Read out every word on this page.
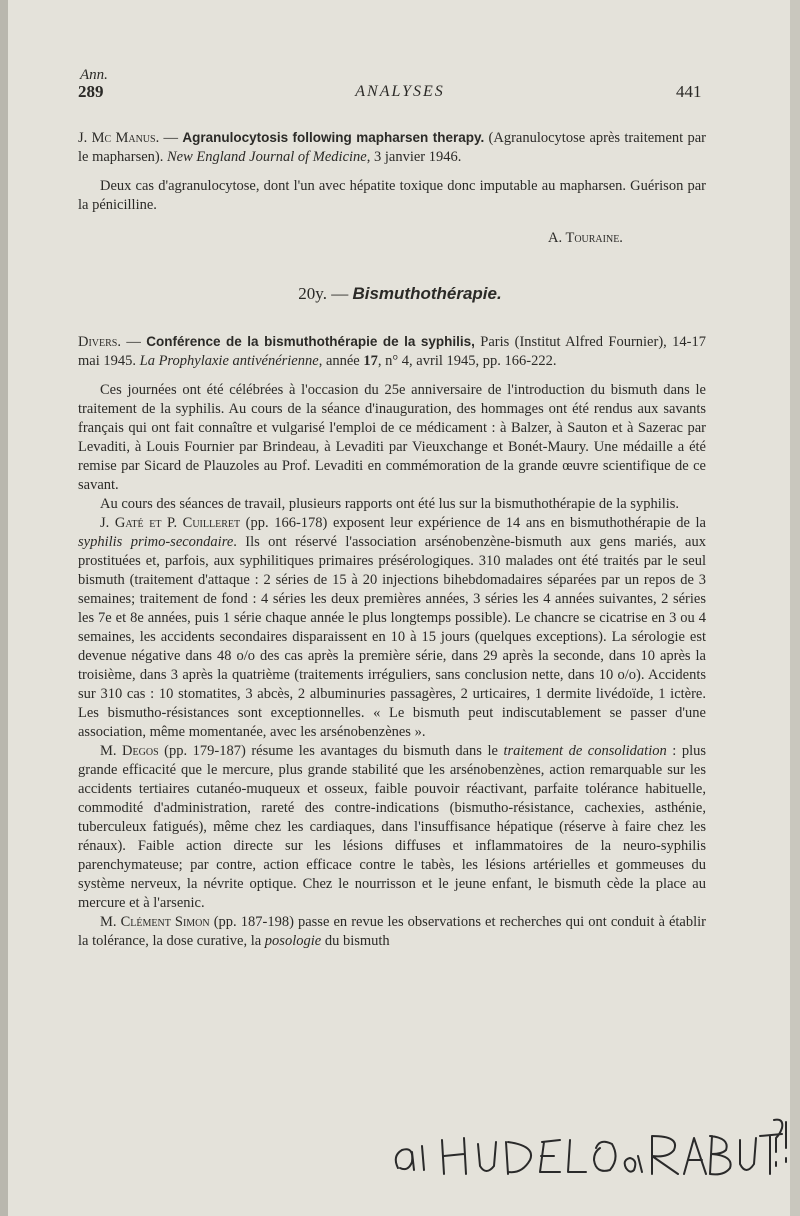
Ann.
289	ANALYSES	441

J. Mc Manus. — Agranulocytosis following mapharsen therapy. (Agranulocytose après traitement par le mapharsen). New England Journal of Medicine, 3 janvier 1946.

Deux cas d'agranulocytose, dont l'un avec hépatite toxique donc imputable au mapharsen. Guérison par la pénicilline.

A. Touraine.
20y. — Bismuthothérapie.

Divers. — Conférence de la bismuthothérapie de la syphilis, Paris (Institut Alfred Fournier), 14-17 mai 1945. La Prophylaxie antivénérienne, année 17, n° 4, avril 1945, pp. 166-222.

Ces journées ont été célébrées à l'occasion du 25e anniversaire de l'introduction du bismuth dans le traitement de la syphilis. Au cours de la séance d'inauguration, des hommages ont été rendus aux savants français qui ont fait connaître et vulgarisé l'emploi de ce médicament : à Balzer, à Sauton et à Sazerac par Levaditi, à Louis Fournier par Brindeau, à Levaditi par Vieuxchange et Bonét-Maury. Une médaille a été remise par Sicard de Plauzoles au Prof. Levaditi en commémoration de la grande œuvre scientifique de ce savant.

Au cours des séances de travail, plusieurs rapports ont été lus sur la bismuthothérapie de la syphilis.

J. Gaté et P. Cuilleret (pp. 166-178) exposent leur expérience de 14 ans en bismuthothérapie de la syphilis primo-secondaire. Ils ont réservé l'association arsénobenzène-bismuth aux gens mariés, aux prostituées et, parfois, aux syphilitiques primaires présérologiques. 310 malades ont été traités par le seul bismuth (traitement d'attaque : 2 séries de 15 à 20 injections bihebdomadaires séparées par un repos de 3 semaines; traitement de fond : 4 séries les deux premières années, 3 séries les 4 années suivantes, 2 séries les 7e et 8e années, puis 1 série chaque année le plus longtemps possible). Le chancre se cicatrise en 3 ou 4 semaines, les accidents secondaires disparaissent en 10 à 15 jours (quelques exceptions). La sérologie est devenue négative dans 48 o/o des cas après la première série, dans 29 après la seconde, dans 10 après la troisième, dans 3 après la quatrième (traitements irréguliers, sans conclusion nette, dans 10 o/o). Accidents sur 310 cas : 10 stomatites, 3 abcès, 2 albuminuries passagères, 2 urticaires, 1 dermite livédoïde, 1 ictère. Les bismutho-résistances sont exceptionnelles. « Le bismuth peut indiscutablement se passer d'une association, même momentanée, avec les arsénobenzènes ».

M. Degos (pp. 179-187) résume les avantages du bismuth dans le traitement de consolidation : plus grande efficacité que le mercure, plus grande stabilité que les arsénobenzènes, action remarquable sur les accidents tertiaires cutanéo-muqueux et osseux, faible pouvoir réactivant, parfaite tolérance habituelle, commodité d'administration, rareté des contre-indications (bismutho-résistance, cachexies, asthénie, tuberculeux fatigués), même chez les cardiaques, dans l'insuffisance hépatique (réserve à faire chez les rénaux). Faible action directe sur les lésions diffuses et inflammatoires de la neuro-syphilis parenchymateuse; par contre, action efficace contre le tabès, les lésions artérielles et gommeuses du système nerveux, la névrite optique. Chez le nourrisson et le jeune enfant, le bismuth cède la place au mercure et à l'arsenic.

M. Clément Simon (pp. 187-198) passe en revue les observations et recherches qui ont conduit à établir la tolérance, la dose curative, la posologie du bismuth
